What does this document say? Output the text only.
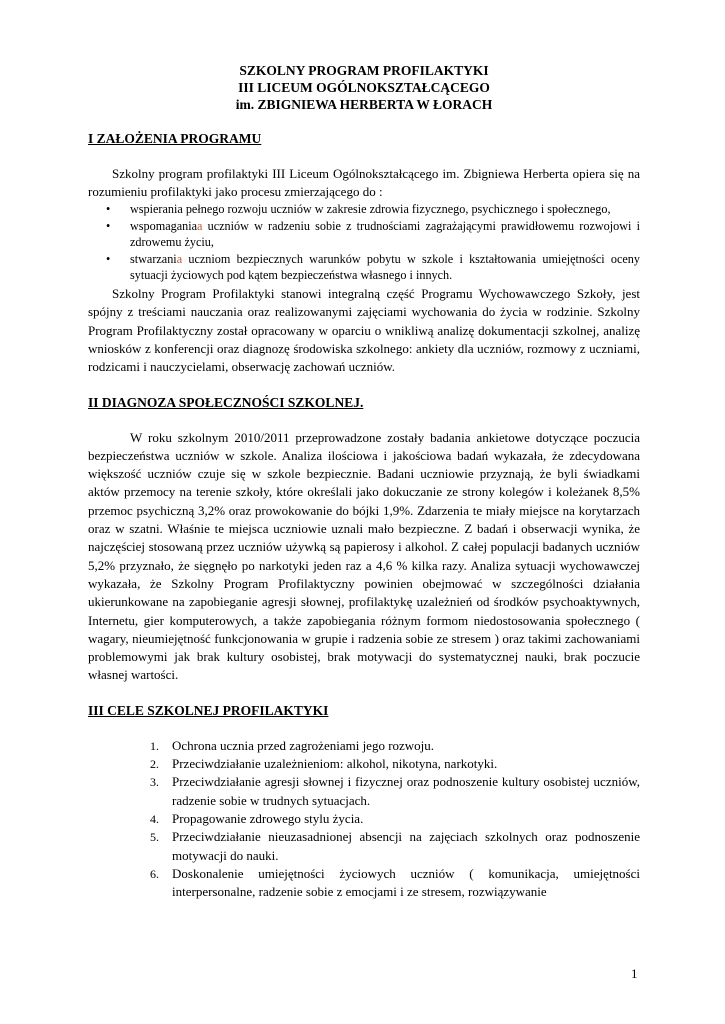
SZKOLNY PROGRAM PROFILAKTYKI
III LICEUM OGÓLNOKSZTAŁCĄCEGO
im. ZBIGNIEWA HERBERTA W ŁORACH

I ZAŁOŻENIA PROGRAMU

Szkolny program profilaktyki III Liceum Ogólnokształcącego im. Zbigniewa Herberta opiera się na rozumieniu profilaktyki jako procesu zmierzającego do :

• wspierania pełnego rozwoju uczniów w zakresie zdrowia fizycznego, psychicznego i społecznego,
• wspomaganiaa uczniów w radzeniu sobie z trudnościami zagrażającymi prawidłowemu rozwojowi i zdrowemu życiu,
• stwarzania uczniom bezpiecznych warunków pobytu w szkole i kształtowania umiejętności oceny sytuacji życiowych pod kątem bezpieczeństwa własnego i innych.

Szkolny Program Profilaktyki stanowi integralną część Programu Wychowawczego Szkoły, jest spójny z treściami nauczania oraz realizowanymi zajęciami wychowania do życia w rodzinie. Szkolny Program Profilaktyczny został opracowany w oparciu o wnikliwą analizę dokumentacji szkolnej, analizę wniosków z konferencji oraz diagnozę środowiska szkolnego: ankiety dla uczniów, rozmowy z uczniami, rodzicami i nauczycielami, obserwację zachowań uczniów.

II DIAGNOZA SPOŁECZNOŚCI SZKOLNEJ.

W roku szkolnym 2010/2011 przeprowadzone zostały badania ankietowe dotyczące poczucia bezpieczeństwa uczniów w szkole. Analiza ilościowa i jakościowa badań wykazała, że zdecydowana większość uczniów czuje się w szkole bezpiecznie. Badani uczniowie przyznają, że byli świadkami aktów przemocy na terenie szkoły, które określali jako dokuczanie ze strony kolegów i koleżanek 8,5% przemoc psychiczną 3,2% oraz prowokowanie do bójki 1,9%. Zdarzenia te miały miejsce na korytarzach oraz w szatni. Właśnie te miejsca uczniowie uznali mało bezpieczne. Z badań i obserwacji wynika, że najczęściej stosowaną przez uczniów używką są papierosy i alkohol. Z całej populacji badanych uczniów 5,2% przyznało, że sięgnęło po narkotyki jeden raz a 4,6 % kilka razy. Analiza sytuacji wychowawczej wykazała, że Szkolny Program Profilaktyczny powinien obejmować w szczególności działania ukierunkowane na zapobieganie agresji słownej, profilaktykę uzależnień od środków psychoaktywnych, Internetu, gier komputerowych, a także zapobiegania różnym formom niedostosowania społecznego ( wagary, nieumiejętność funkcjonowania w grupie i radzenia sobie ze stresem ) oraz takimi zachowaniami problemowymi jak brak kultury osobistej, brak motywacji do systematycznej nauki, brak poczucie własnej wartości.

III CELE SZKOLNEJ PROFILAKTYKI

1. Ochrona ucznia przed zagrożeniami jego rozwoju.
2. Przeciwdziałanie uzależnieniom: alkohol, nikotyna, narkotyki.
3. Przeciwdziałanie agresji słownej i fizycznej oraz podnoszenie kultury osobistej uczniów, radzenie sobie w trudnych sytuacjach.
4. Propagowanie zdrowego stylu życia.
5. Przeciwdziałanie nieuzasadnionej absencji na zajęciach szkolnych oraz podnoszenie motywacji do nauki.
6. Doskonalenie umiejętności życiowych uczniów ( komunikacja, umiejętności interpersonalne, radzenie sobie z emocjami i ze stresem, rozwiązywanie
1
